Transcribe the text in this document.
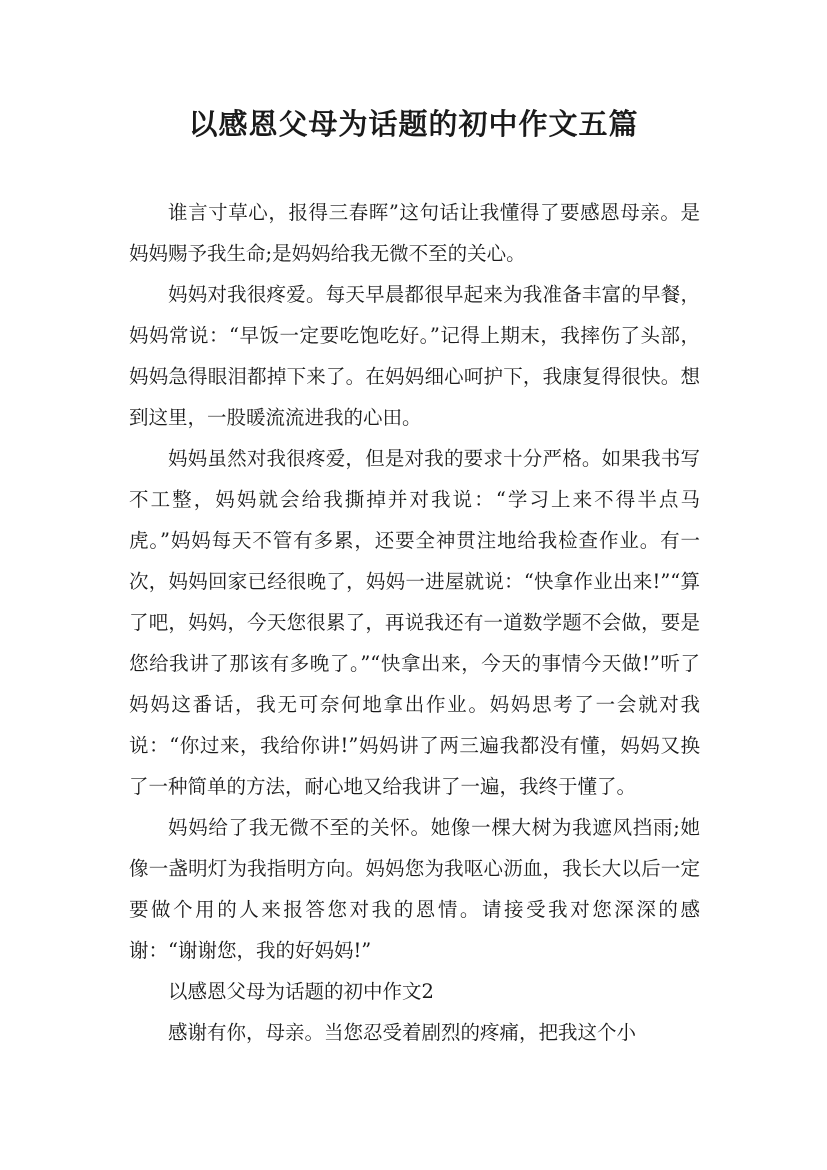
以感恩父母为话题的初中作文五篇

谁言寸草心，报得三春晖”这句话让我懂得了要感恩母亲。是妈妈赐予我生命;是妈妈给我无微不至的关心。

妈妈对我很疼爱。每天早晨都很早起来为我准备丰富的早餐，妈妈常说：“早饭一定要吃饱吃好。”记得上期末，我摔伤了头部，妈妈急得眼泪都掉下来了。在妈妈细心呵护下，我康复得很快。想到这里，一股暖流流进我的心田。

妈妈虽然对我很疼爱，但是对我的要求十分严格。如果我书写不工整，妈妈就会给我撕掉并对我说：“学习上来不得半点马虎。”妈妈每天不管有多累，还要全神贯注地给我检查作业。有一次，妈妈回家已经很晚了，妈妈一进屋就说：“快拿作业出来!”“算了吧，妈妈，今天您很累了，再说我还有一道数学题不会做，要是您给我讲了那该有多晚了。”“快拿出来，今天的事情今天做!”听了妈妈这番话，我无可奈何地拿出作业。妈妈思考了一会就对我说：“你过来，我给你讲!”妈妈讲了两三遍我都没有懂，妈妈又换了一种简单的方法，耐心地又给我讲了一遍，我终于懂了。

妈妈给了我无微不至的关怀。她像一棵大树为我遮风挡雨;她像一盏明灯为我指明方向。妈妈您为我呕心沥血，我长大以后一定要做个用的人来报答您对我的恩情。请接受我对您深深的感谢：“谢谢您，我的好妈妈!”

以感恩父母为话题的初中作文2

感谢有你，母亲。当您忍受着剧烈的疼痛，把我这个小
